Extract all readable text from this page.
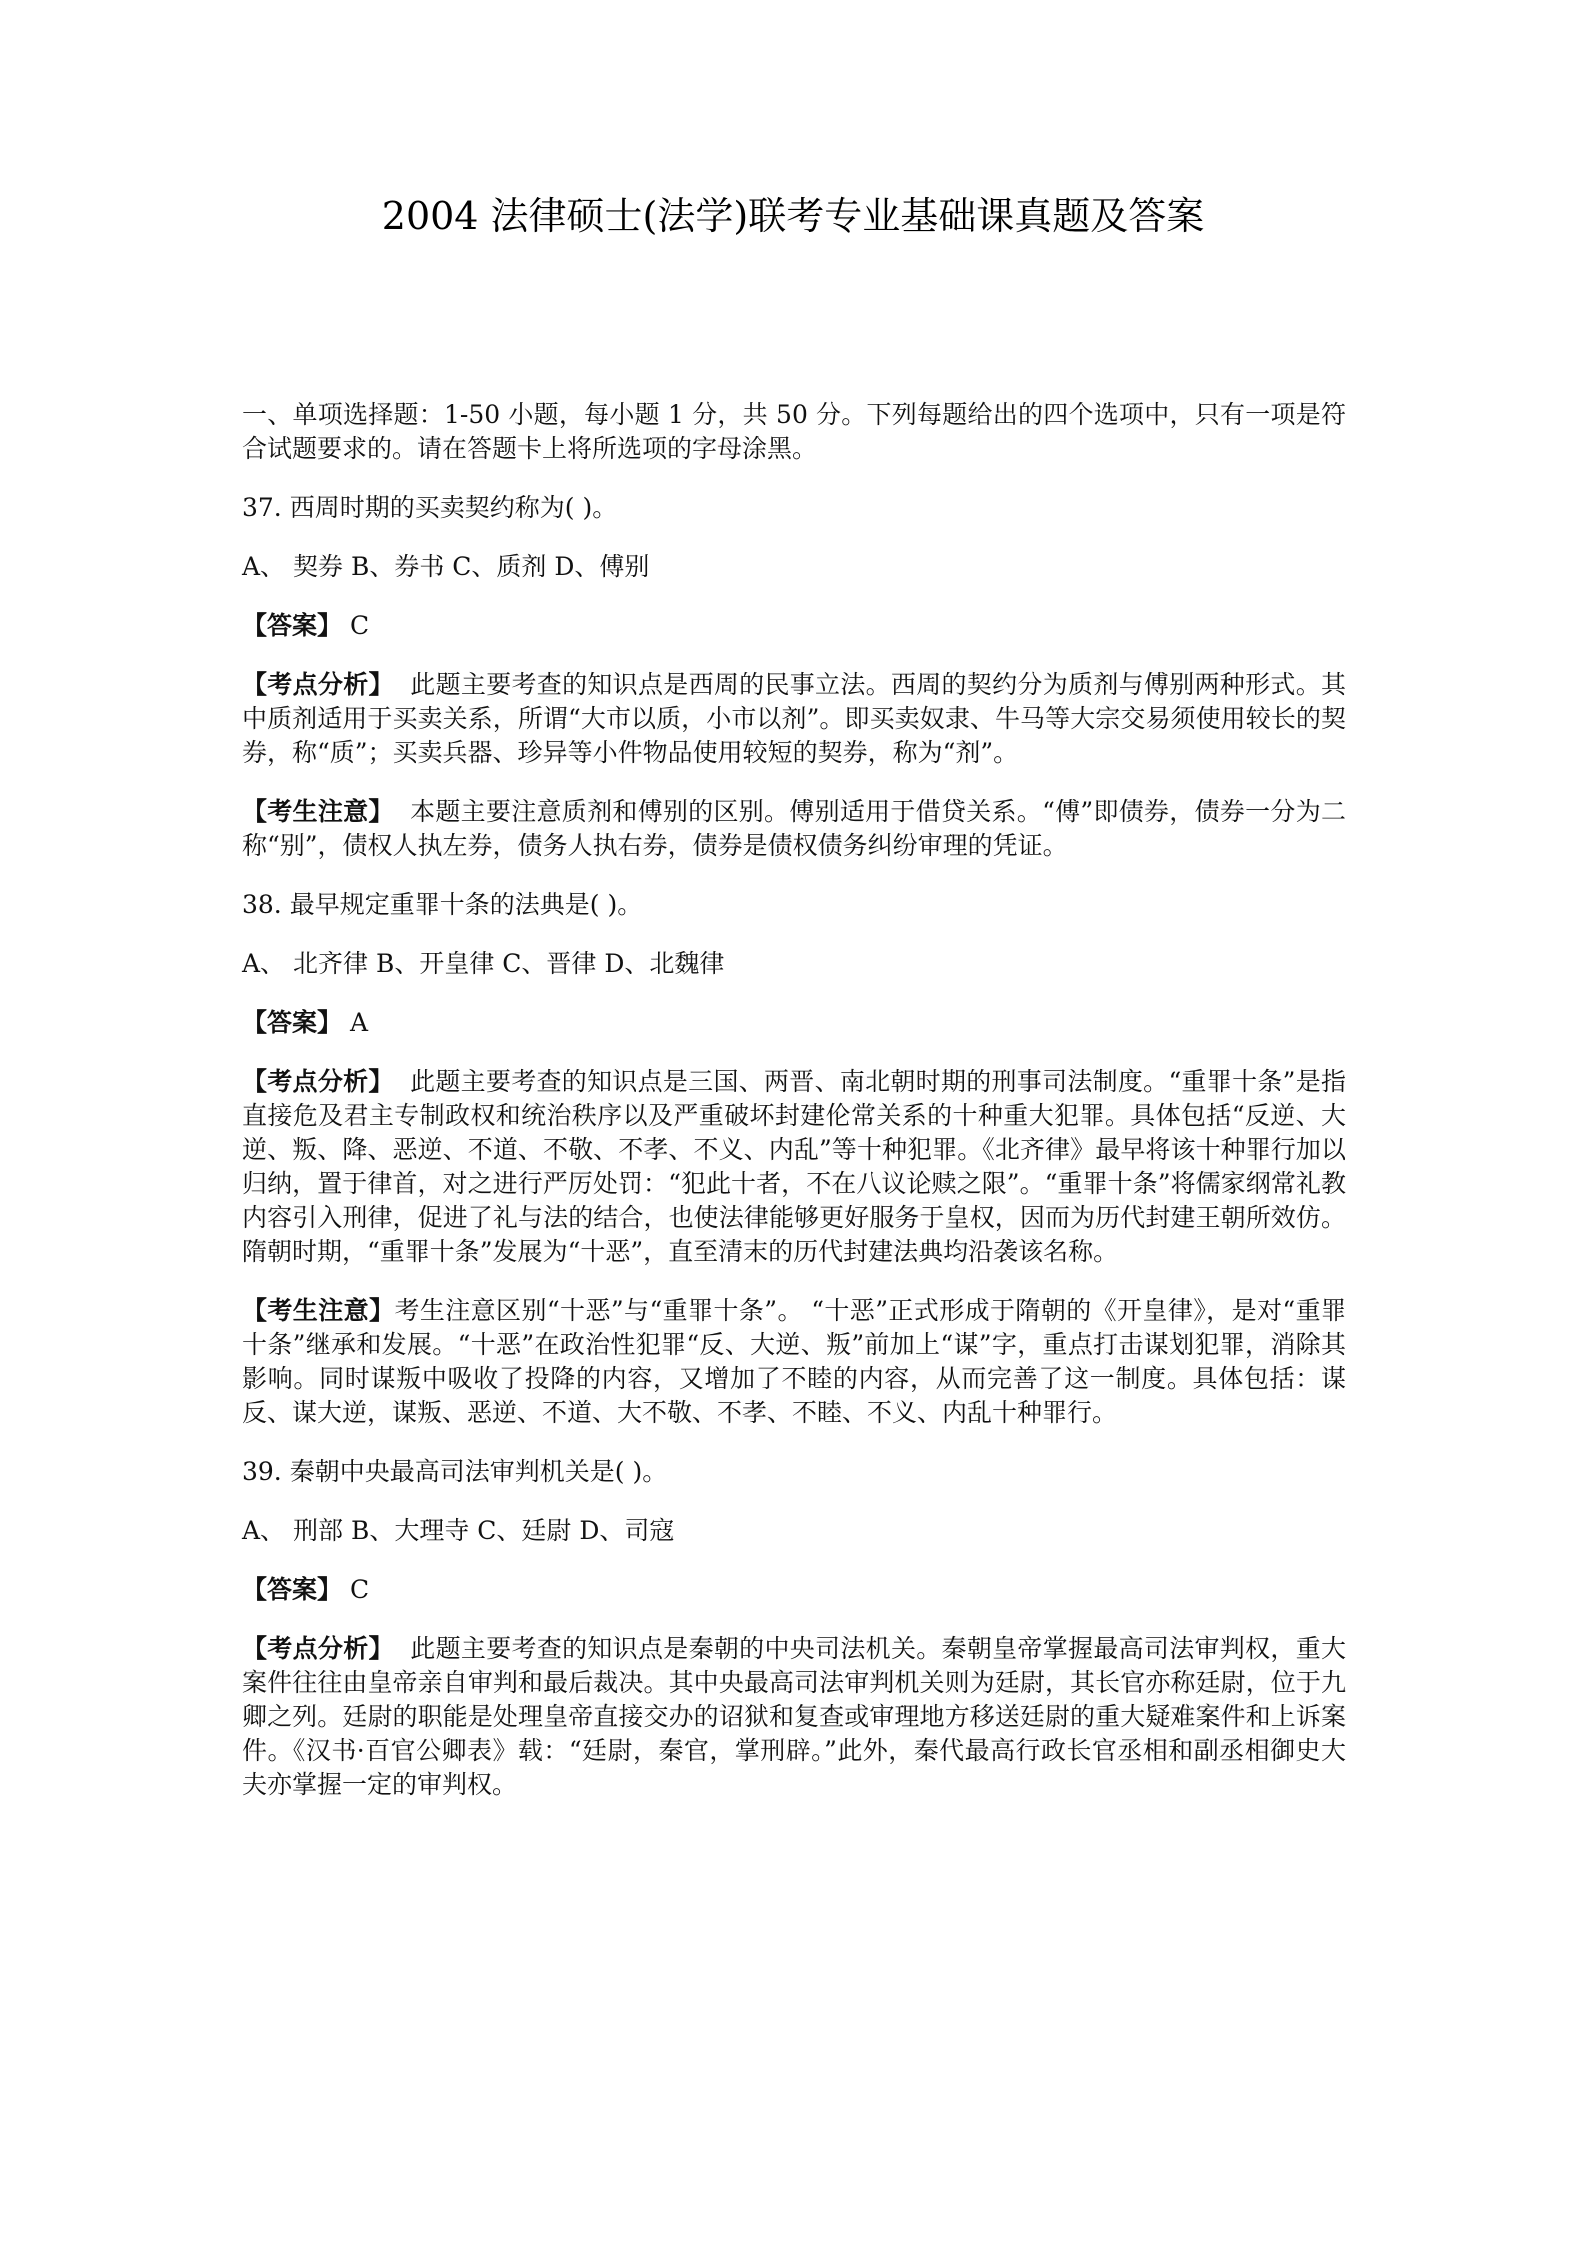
2004 法律硕士(法学)联考专业基础课真题及答案

一、单项选择题：1-50 小题，每小题 1 分，共 50 分。下列每题给出的四个选项中，只有一项是符合试题要求的。请在答题卡上将所选项的字母涂黑。

37. 西周时期的买卖契约称为( )。

A、 契券 B、券书 C、质剂 D、傅别

【答案】 C

【考点分析】 此题主要考查的知识点是西周的民事立法。西周的契约分为质剂与傅别两种形式。其中质剂适用于买卖关系，所谓“大市以质，小市以剂”。即买卖奴隶、牛马等大宗交易须使用较长的契券，称“质”；买卖兵器、珍异等小件物品使用较短的契券，称为“剂”。

【考生注意】 本题主要注意质剂和傅别的区别。傅别适用于借贷关系。“傅”即债券，债券一分为二称“别”，债权人执左券，债务人执右券，债券是债权债务纠纷审理的凭证。

38. 最早规定重罪十条的法典是( )。

A、 北齐律 B、开皇律 C、晋律 D、北魏律

【答案】 A

【考点分析】 此题主要考查的知识点是三国、两晋、南北朝时期的刑事司法制度。“重罪十条”是指直接危及君主专制政权和统治秩序以及严重破坏封建伦常关系的十种重大犯罪。具体包括“反逆、大逆、叛、降、恶逆、不道、不敬、不孝、不义、内乱”等十种犯罪。《北齐律》最早将该十种罪行加以归纳，置于律首，对之进行严厉处罚：“犯此十者，不在八议论赎之限”。“重罪十条”将儒家纲常礼教内容引入刑律，促进了礼与法的结合，也使法律能够更好服务于皇权，因而为历代封建王朝所效仿。隋朝时期，“重罪十条”发展为“十恶”，直至清末的历代封建法典均沿袭该名称。

【考生注意】考生注意区别“十恶”与“重罪十条”。 “十恶”正式形成于隋朝的《开皇律》，是对“重罪十条”继承和发展。“十恶”在政治性犯罪“反、大逆、叛”前加上“谋”字，重点打击谋划犯罪，消除其影响。同时谋叛中吸收了投降的内容，又增加了不睦的内容，从而完善了这一制度。具体包括：谋反、谋大逆，谋叛、恶逆、不道、大不敬、不孝、不睦、不义、内乱十种罪行。

39. 秦朝中央最高司法审判机关是( )。

A、 刑部 B、大理寺 C、廷尉 D、司寇

【答案】 C

【考点分析】 此题主要考查的知识点是秦朝的中央司法机关。秦朝皇帝掌握最高司法审判权，重大案件往往由皇帝亲自审判和最后裁决。其中央最高司法审判机关则为廷尉，其长官亦称廷尉，位于九卿之列。廷尉的职能是处理皇帝直接交办的诏狱和复查或审理地方移送廷尉的重大疑难案件和上诉案件。《汉书·百官公卿表》载：“廷尉，秦官，掌刑辟。”此外，秦代最高行政长官丞相和副丞相御史大夫亦掌握一定的审判权。
